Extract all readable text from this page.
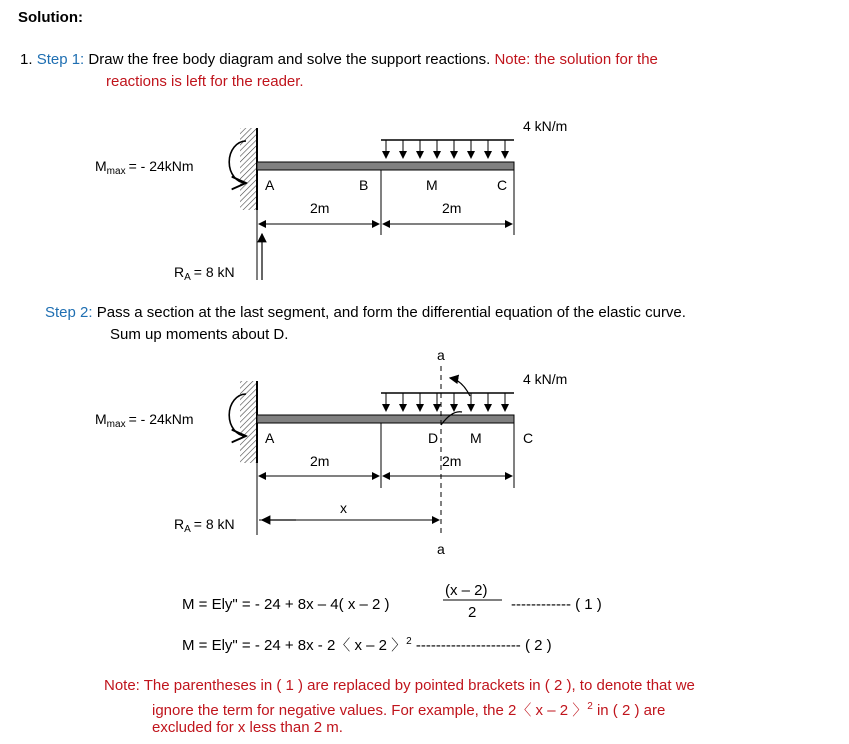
Solution:
1. Step 1: Draw the free body diagram and solve the support reactions. Note: the solution for the
reactions is left for the reader.
4 kN/m
A	B	M	C
2m	2m
$M_{max}$ = - 24kNm
$R_A = 8$ kN
a
a
4 kN/m
A	D M	C
2m	2m
x
$M_{max}$ = - 24kNm
$R_A = 8$ kN
Step 2: Pass a section at the last segment, and form the differential equation of the elastic curve.
Sum up moments about D.
M = Ely" = - 24 + 8x – 4( x – 2 )
(x – 2)
2 ------------ ( 1 )
M = Ely" = - 24 + 8x - 2〈 x – 2 〉$^2$ --------------------- ( 2 )
Note: The parentheses in ( 1 ) are replaced by pointed brackets in ( 2 ), to denote that we
ignore the term for negative values. For example, the 2〈 x – 2 〉$^2$ in ( 2 ) are
excluded for x less than 2 m.
